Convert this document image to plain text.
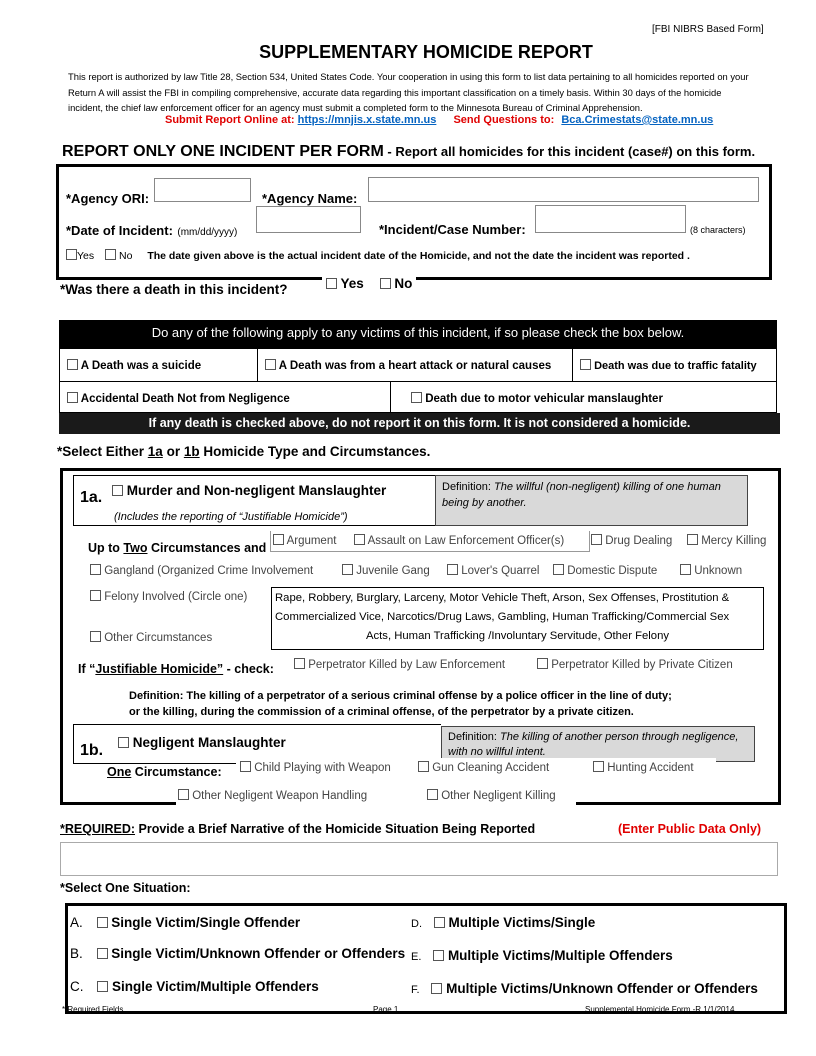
[FBI NIBRS Based Form]
SUPPLEMENTARY HOMICIDE REPORT
This report is authorized by law Title 28, Section 534, United States Code. Your cooperation in using this form to list data pertaining to all homicides reported on your
Return A will assist the FBI in compiling comprehensive, accurate data regarding this important classification on a timely basis. Within 30 days of the homicide
incident, the chief law enforcement officer for an agency must submit a completed form to the Minnesota Bureau of Criminal Apprehension.
Submit Report Online at: https://mnjis.x.state.mn.us Send Questions to: Bca.Crimestats@state.mn.us
REPORT ONLY ONE INCIDENT PER FORM - Report all homicides for this incident (case#) on this form.
*Agency ORI:	*Agency Name:
*Date of Incident: (mm/dd/yyyy)	*Incident/Case Number:	(8 characters)
Yes No The date given above is the actual incident date of the Homicide, and not the date the incident was reported .
*Was there a death in this incident?	Yes No
Do any of the following apply to any victims of this incident, if so please check the box below.
A Death was a suicide	A Death was from a heart attack or natural causes	Death was due to traffic fatality
Accidental Death Not from Negligence	Death due to motor vehicular manslaughter
If any death is checked above, do not report it on this form. It is not considered a homicide.
*Select Either 1a or 1b Homicide Type and Circumstances.
1a.	Murder and Non-negligent Manslaughter
(Includes the reporting of “Justifiable Homicide”)
Definition: The willful (non-negligent) killing of one human being by another.
Up to Two Circumstances and	Argument	Assault on Law Enforcement Officer(s)	Drug Dealing	Mercy Killing
Gangland (Organized Crime Involvement	Juvenile Gang	Lover's Quarrel	Domestic Dispute	Unknown
Felony Involved (Circle one)
Other Circumstances
Rape, Robbery, Burglary, Larceny, Motor Vehicle Theft, Arson, Sex Offenses, Prostitution &
Commercialized Vice, Narcotics/Drug Laws, Gambling, Human Trafficking/Commercial Sex
Acts, Human Trafficking /Involuntary Servitude, Other Felony
If “Justifiable Homicide” - check:	Perpetrator Killed by Law Enforcement	Perpetrator Killed by Private Citizen
Definition: The killing of a perpetrator of a serious criminal offense by a police officer in the line of duty;
or the killing, during the commission of a criminal offense, of the perpetrator by a private citizen.
1b.	Negligent Manslaughter	Definition: The killing of another person through negligence, with no willful intent.
One Circumstance:	Child Playing with Weapon	Gun Cleaning Accident	Hunting Accident
Other Negligent Weapon Handling	Other Negligent Killing
*REQUIRED: Provide a Brief Narrative of the Homicide Situation Being Reported	(Enter Public Data Only)
*Select One Situation:
A. Single Victim/Single Offender
B. Single Victim/Unknown Offender or Offenders
C. Single Victim/Multiple Offenders
D. Multiple Victims/Single
E. Multiple Victims/Multiple Offenders
F. Multiple Victims/Unknown Offender or Offenders
* Required Fields	Page 1	Supplemental Homicide Form -R 1/1/2014
